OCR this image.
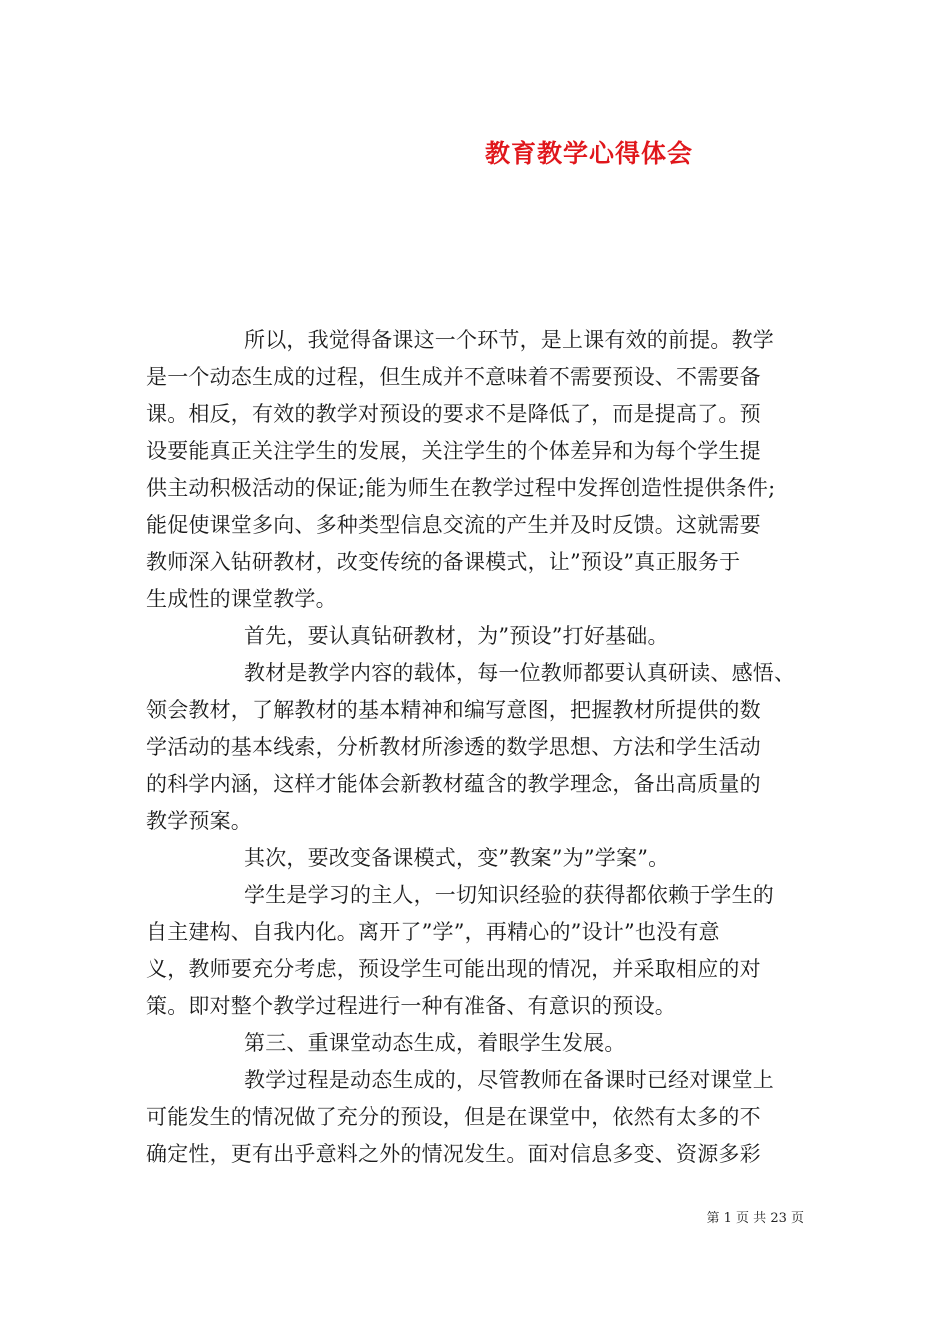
教育教学心得体会
所以，我觉得备课这一个环节，是上课有效的前提。教学
是一个动态生成的过程，但生成并不意味着不需要预设、不需要备
课。相反，有效的教学对预设的要求不是降低了，而是提高了。预
设要能真正关注学生的发展，关注学生的个体差异和为每个学生提
供主动积极活动的保证;能为师生在教学过程中发挥创造性提供条件;
能促使课堂多向、多种类型信息交流的产生并及时反馈。这就需要
教师深入钻研教材，改变传统的备课模式，让”预设”真正服务于
生成性的课堂教学。
首先，要认真钻研教材，为”预设”打好基础。
教材是教学内容的载体，每一位教师都要认真研读、感悟、
领会教材，了解教材的基本精神和编写意图，把握教材所提供的数
学活动的基本线索，分析教材所渗透的数学思想、方法和学生活动
的科学内涵，这样才能体会新教材蕴含的教学理念，备出高质量的
教学预案。
其次，要改变备课模式，变”教案”为”学案”。
学生是学习的主人，一切知识经验的获得都依赖于学生的
自主建构、自我内化。离开了”学”，再精心的”设计”也没有意
义，教师要充分考虑，预设学生可能出现的情况，并采取相应的对
策。即对整个教学过程进行一种有准备、有意识的预设。
第三、重课堂动态生成，着眼学生发展。
教学过程是动态生成的，尽管教师在备课时已经对课堂上
可能发生的情况做了充分的预设，但是在课堂中，依然有太多的不
确定性，更有出乎意料之外的情况发生。面对信息多变、资源多彩
第 1 页 共 23 页
